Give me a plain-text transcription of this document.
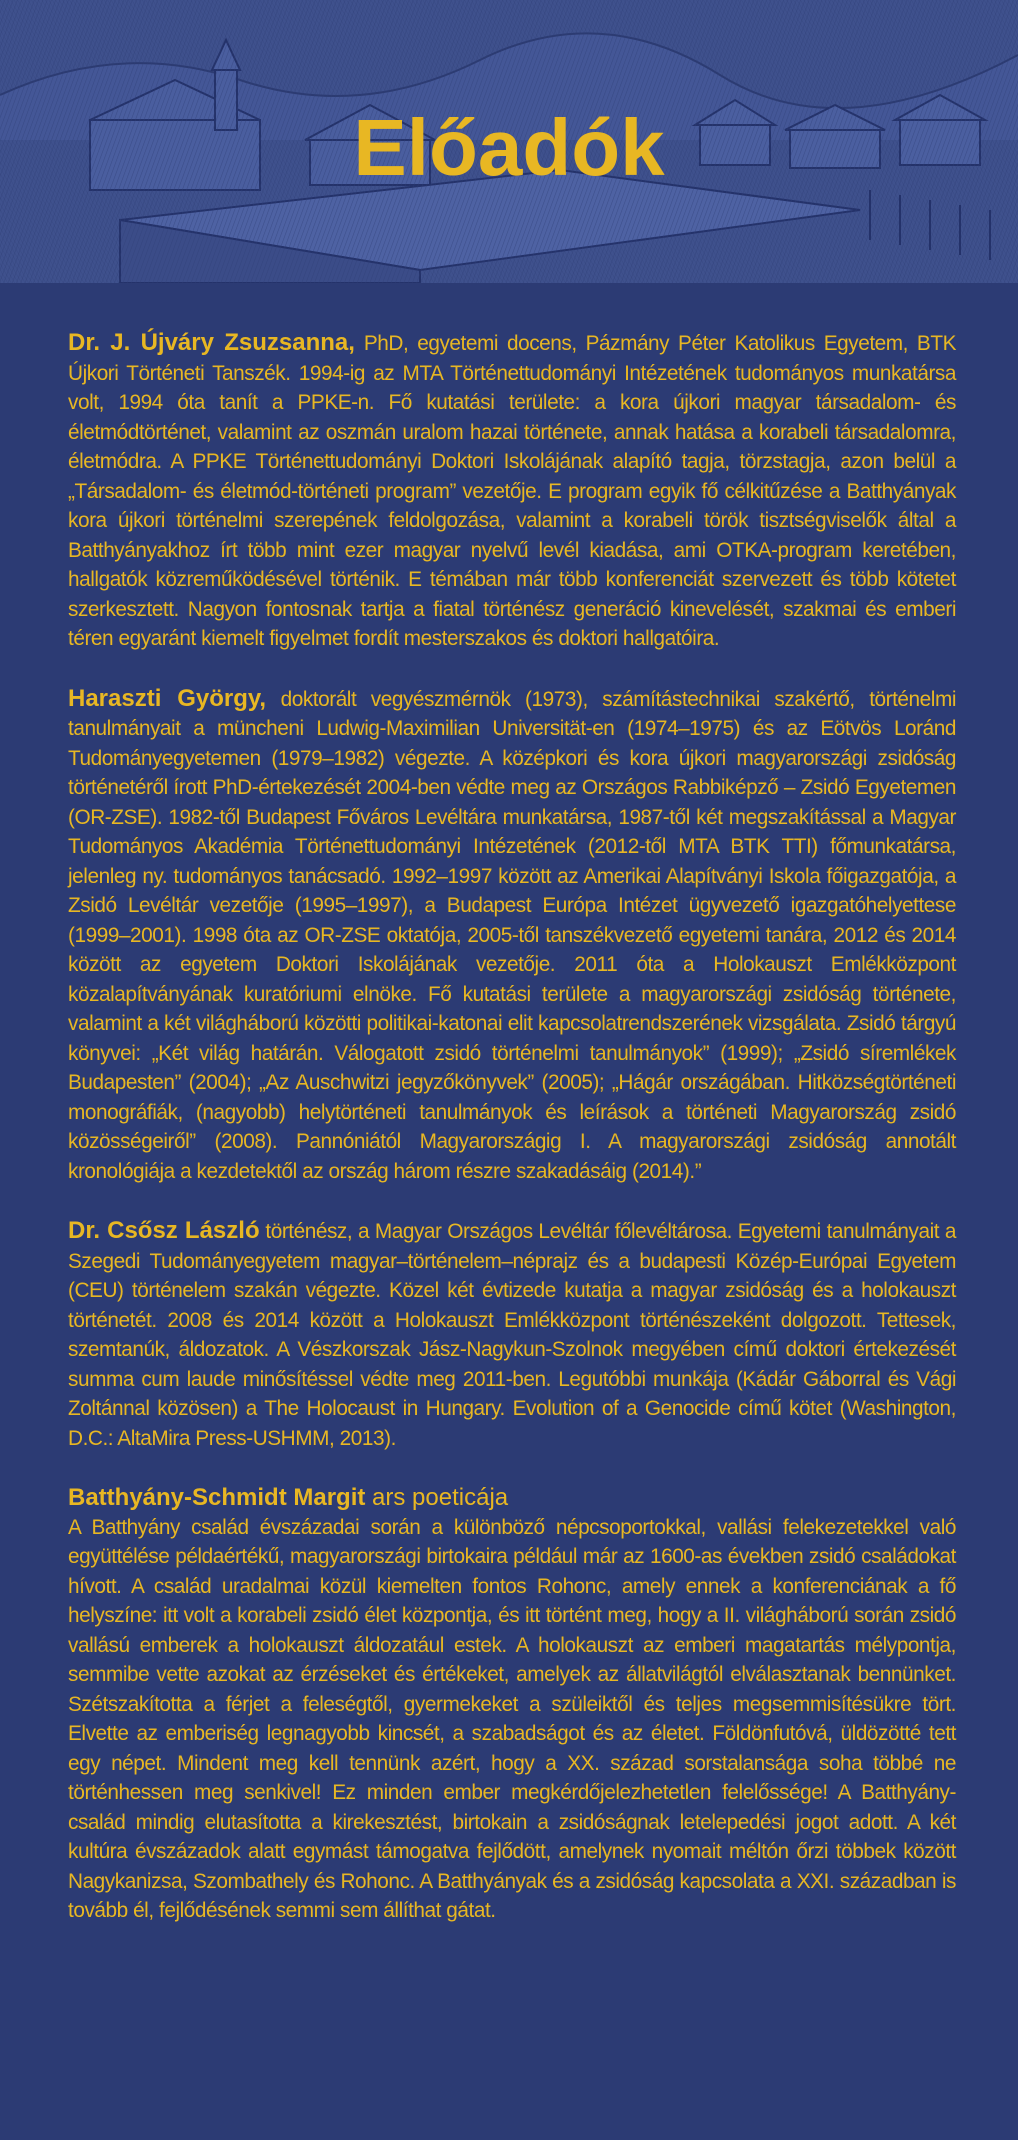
Előadók

Dr. J. Újváry Zsuzsanna, PhD, egyetemi docens, Pázmány Péter Katolikus Egyetem, BTK Újkori Történeti Tanszék. 1994-ig az MTA Történettudományi Intézetének tudományos munkatársa volt, 1994 óta tanít a PPKE-n. Fő kutatási területe: a kora újkori magyar társadalom- és életmódtörténet, valamint az oszmán uralom hazai története, annak hatása a korabeli társadalomra, életmódra. A PPKE Történettudományi Doktori Iskolájának alapító tagja, törzstagja, azon belül a „Társadalom- és életmód-történeti program” vezetője. E program egyik fő célkitűzése a Batthyányak kora újkori történelmi szerepének feldolgozása, valamint a korabeli török tisztségviselők által a Batthyányakhoz írt több mint ezer magyar nyelvű levél kiadása, ami OTKA-program keretében, hallgatók közreműködésével történik. E témában már több konferenciát szervezett és több kötetet szerkesztett. Nagyon fontosnak tartja a fiatal történész generáció kinevelését, szakmai és emberi téren egyaránt kiemelt figyelmet fordít mesterszakos és doktori hallgatóira.

Haraszti György, doktorált vegyészmérnök (1973), számítástechnikai szakértő, történelmi tanulmányait a müncheni Ludwig-Maximilian Universität-en (1974–1975) és az Eötvös Loránd Tudományegyetemen (1979–1982) végezte. A középkori és kora újkori magyarországi zsidóság történetéről írott PhD-értekezését 2004-ben védte meg az Országos Rabbiképző – Zsidó Egyetemen (OR-ZSE). 1982-től Budapest Főváros Levéltára munkatársa, 1987-től két megszakítással a Magyar Tudományos Akadémia Történettudományi Intézetének (2012-től MTA BTK TTI) főmunkatársa, jelenleg ny. tudományos tanácsadó. 1992–1997 között az Amerikai Alapítványi Iskola főigazgatója, a Zsidó Levéltár vezetője (1995–1997), a Budapest Európa Intézet ügyvezető igazgatóhelyettese (1999–2001). 1998 óta az OR-ZSE oktatója, 2005-től tanszékvezető egyetemi tanára, 2012 és 2014 között az egyetem Doktori Iskolájának vezetője. 2011 óta a Holokauszt Emlékközpont közalapítványának kuratóriumi elnöke. Fő kutatási területe a magyarországi zsidóság története, valamint a két világháború közötti politikai-katonai elit kapcsolatrendszerének vizsgálata. Zsidó tárgyú könyvei: „Két világ határán. Válogatott zsidó történelmi tanulmányok” (1999); „Zsidó síremlékek Budapesten” (2004); „Az Auschwitzi jegyzőkönyvek” (2005); „Hágár országában. Hitközségtörténeti monográfiák, (nagyobb) helytörténeti tanulmányok és leírások a történeti Magyarország zsidó közösségeiről” (2008). Pannóniától Magyarországig I. A magyarországi zsidóság annotált kronológiája a kezdetektől az ország három részre szakadásáig (2014).”

Dr. Csősz László történész, a Magyar Országos Levéltár főlevéltárosa. Egyetemi tanulmányait a Szegedi Tudományegyetem magyar–történelem–néprajz és a budapesti Közép-Európai Egyetem (CEU) történelem szakán végezte. Közel két évtizede kutatja a magyar zsidóság és a holokauszt történetét. 2008 és 2014 között a Holokauszt Emlékközpont történészeként dolgozott. Tettesek, szemtanúk, áldozatok. A Vészkorszak Jász-Nagykun-Szolnok megyében című doktori értekezését summa cum laude minősítéssel védte meg 2011-ben. Legutóbbi munkája (Kádár Gáborral és Vági Zoltánnal közösen) a The Holocaust in Hungary. Evolution of a Genocide című kötet (Washington, D.C.: AltaMira Press-USHMM, 2013).

Batthyány-Schmidt Margit ars poeticája

A Batthyány család évszázadai során a különböző népcsoportokkal, vallási felekezetekkel való együttélése példaértékű, magyarországi birtokaira például már az 1600-as években zsidó családokat hívott. A család uradalmai közül kiemelten fontos Rohonc, amely ennek a konferenciának a fő helyszíne: itt volt a korabeli zsidó élet központja, és itt történt meg, hogy a II. világháború során zsidó vallású emberek a holokauszt áldozatául estek. A holokauszt az emberi magatartás mélypontja, semmibe vette azokat az érzéseket és értékeket, amelyek az állatvilágtól elválasztanak bennünket. Szétszakította a férjet a feleségtől, gyermekeket a szüleiktől és teljes megsemmisítésükre tört. Elvette az emberiség legnagyobb kincsét, a szabadságot és az életet. Földönfutóvá, üldözötté tett egy népet. Mindent meg kell tennünk azért, hogy a XX. század sorstalansága soha többé ne történhessen meg senkivel! Ez minden ember megkérdőjelezhetetlen felelőssége! A Batthyány-család mindig elutasította a kirekesztést, birtokain a zsidóságnak letelepedési jogot adott. A két kultúra évszázadok alatt egymást támogatva fejlődött, amelynek nyomait méltón őrzi többek között Nagykanizsa, Szombathely és Rohonc. A Batthyányak és a zsidóság kapcsolata a XXI. században is tovább él, fejlődésének semmi sem állíthat gátat.
